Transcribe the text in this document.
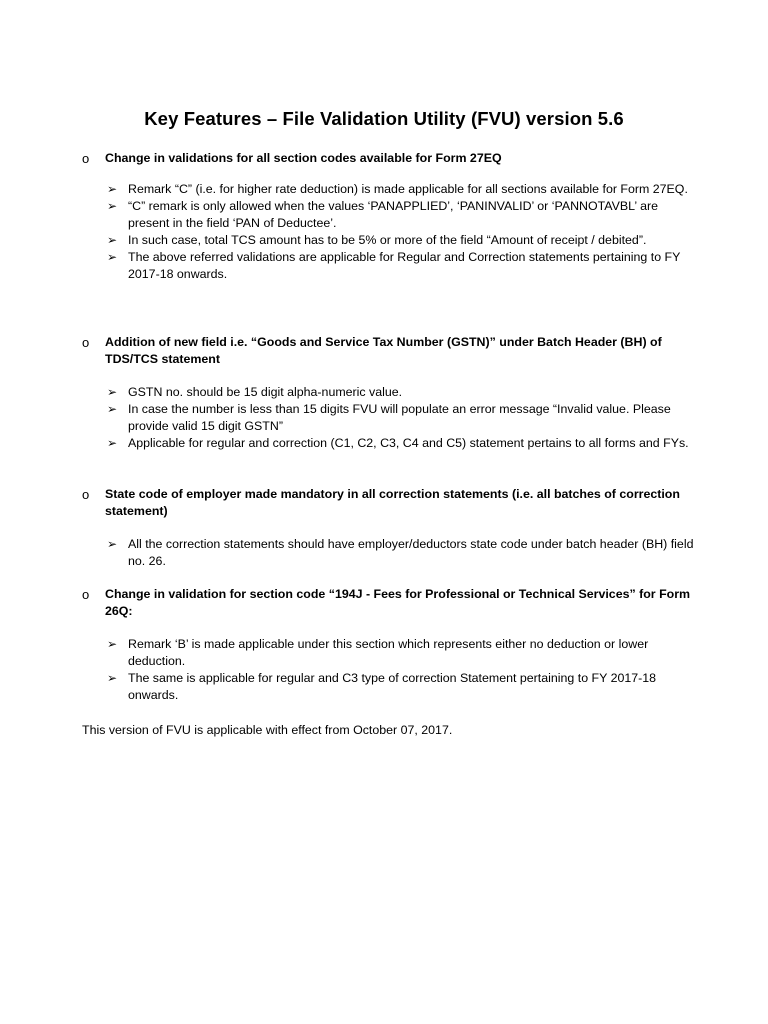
Key Features – File Validation Utility (FVU) version 5.6
o Change in validations for all section codes available for Form 27EQ
➢ Remark “C” (i.e. for higher rate deduction) is made applicable for all sections available for Form 27EQ.
➢ “C” remark is only allowed when the values ‘PANAPPLIED’, ‘PANINVALID’ or ‘PANNOTAVBL’ are present in the field ‘PAN of Deductee’.
➢ In such case, total TCS amount has to be 5% or more of the field “Amount of receipt / debited”.
➢ The above referred validations are applicable for Regular and Correction statements pertaining to FY 2017-18 onwards.
o Addition of new field i.e. “Goods and Service Tax Number (GSTN)” under Batch Header (BH) of TDS/TCS statement
➢ GSTN no. should be 15 digit alpha-numeric value.
➢ In case the number is less than 15 digits FVU will populate an error message “Invalid value. Please provide valid 15 digit GSTN”
➢ Applicable for regular and correction (C1, C2, C3, C4 and C5) statement pertains to all forms and FYs.
o State code of employer made mandatory in all correction statements (i.e. all batches of correction statement)
➢ All the correction statements should have employer/deductors state code under batch header (BH) field no. 26.
o Change in validation for section code “194J - Fees for Professional or Technical Services” for Form 26Q:
➢ Remark ‘B’ is made applicable under this section which represents either no deduction or lower deduction.
➢ The same is applicable for regular and C3 type of correction Statement pertaining to FY 2017-18 onwards.
This version of FVU is applicable with effect from October 07, 2017.
